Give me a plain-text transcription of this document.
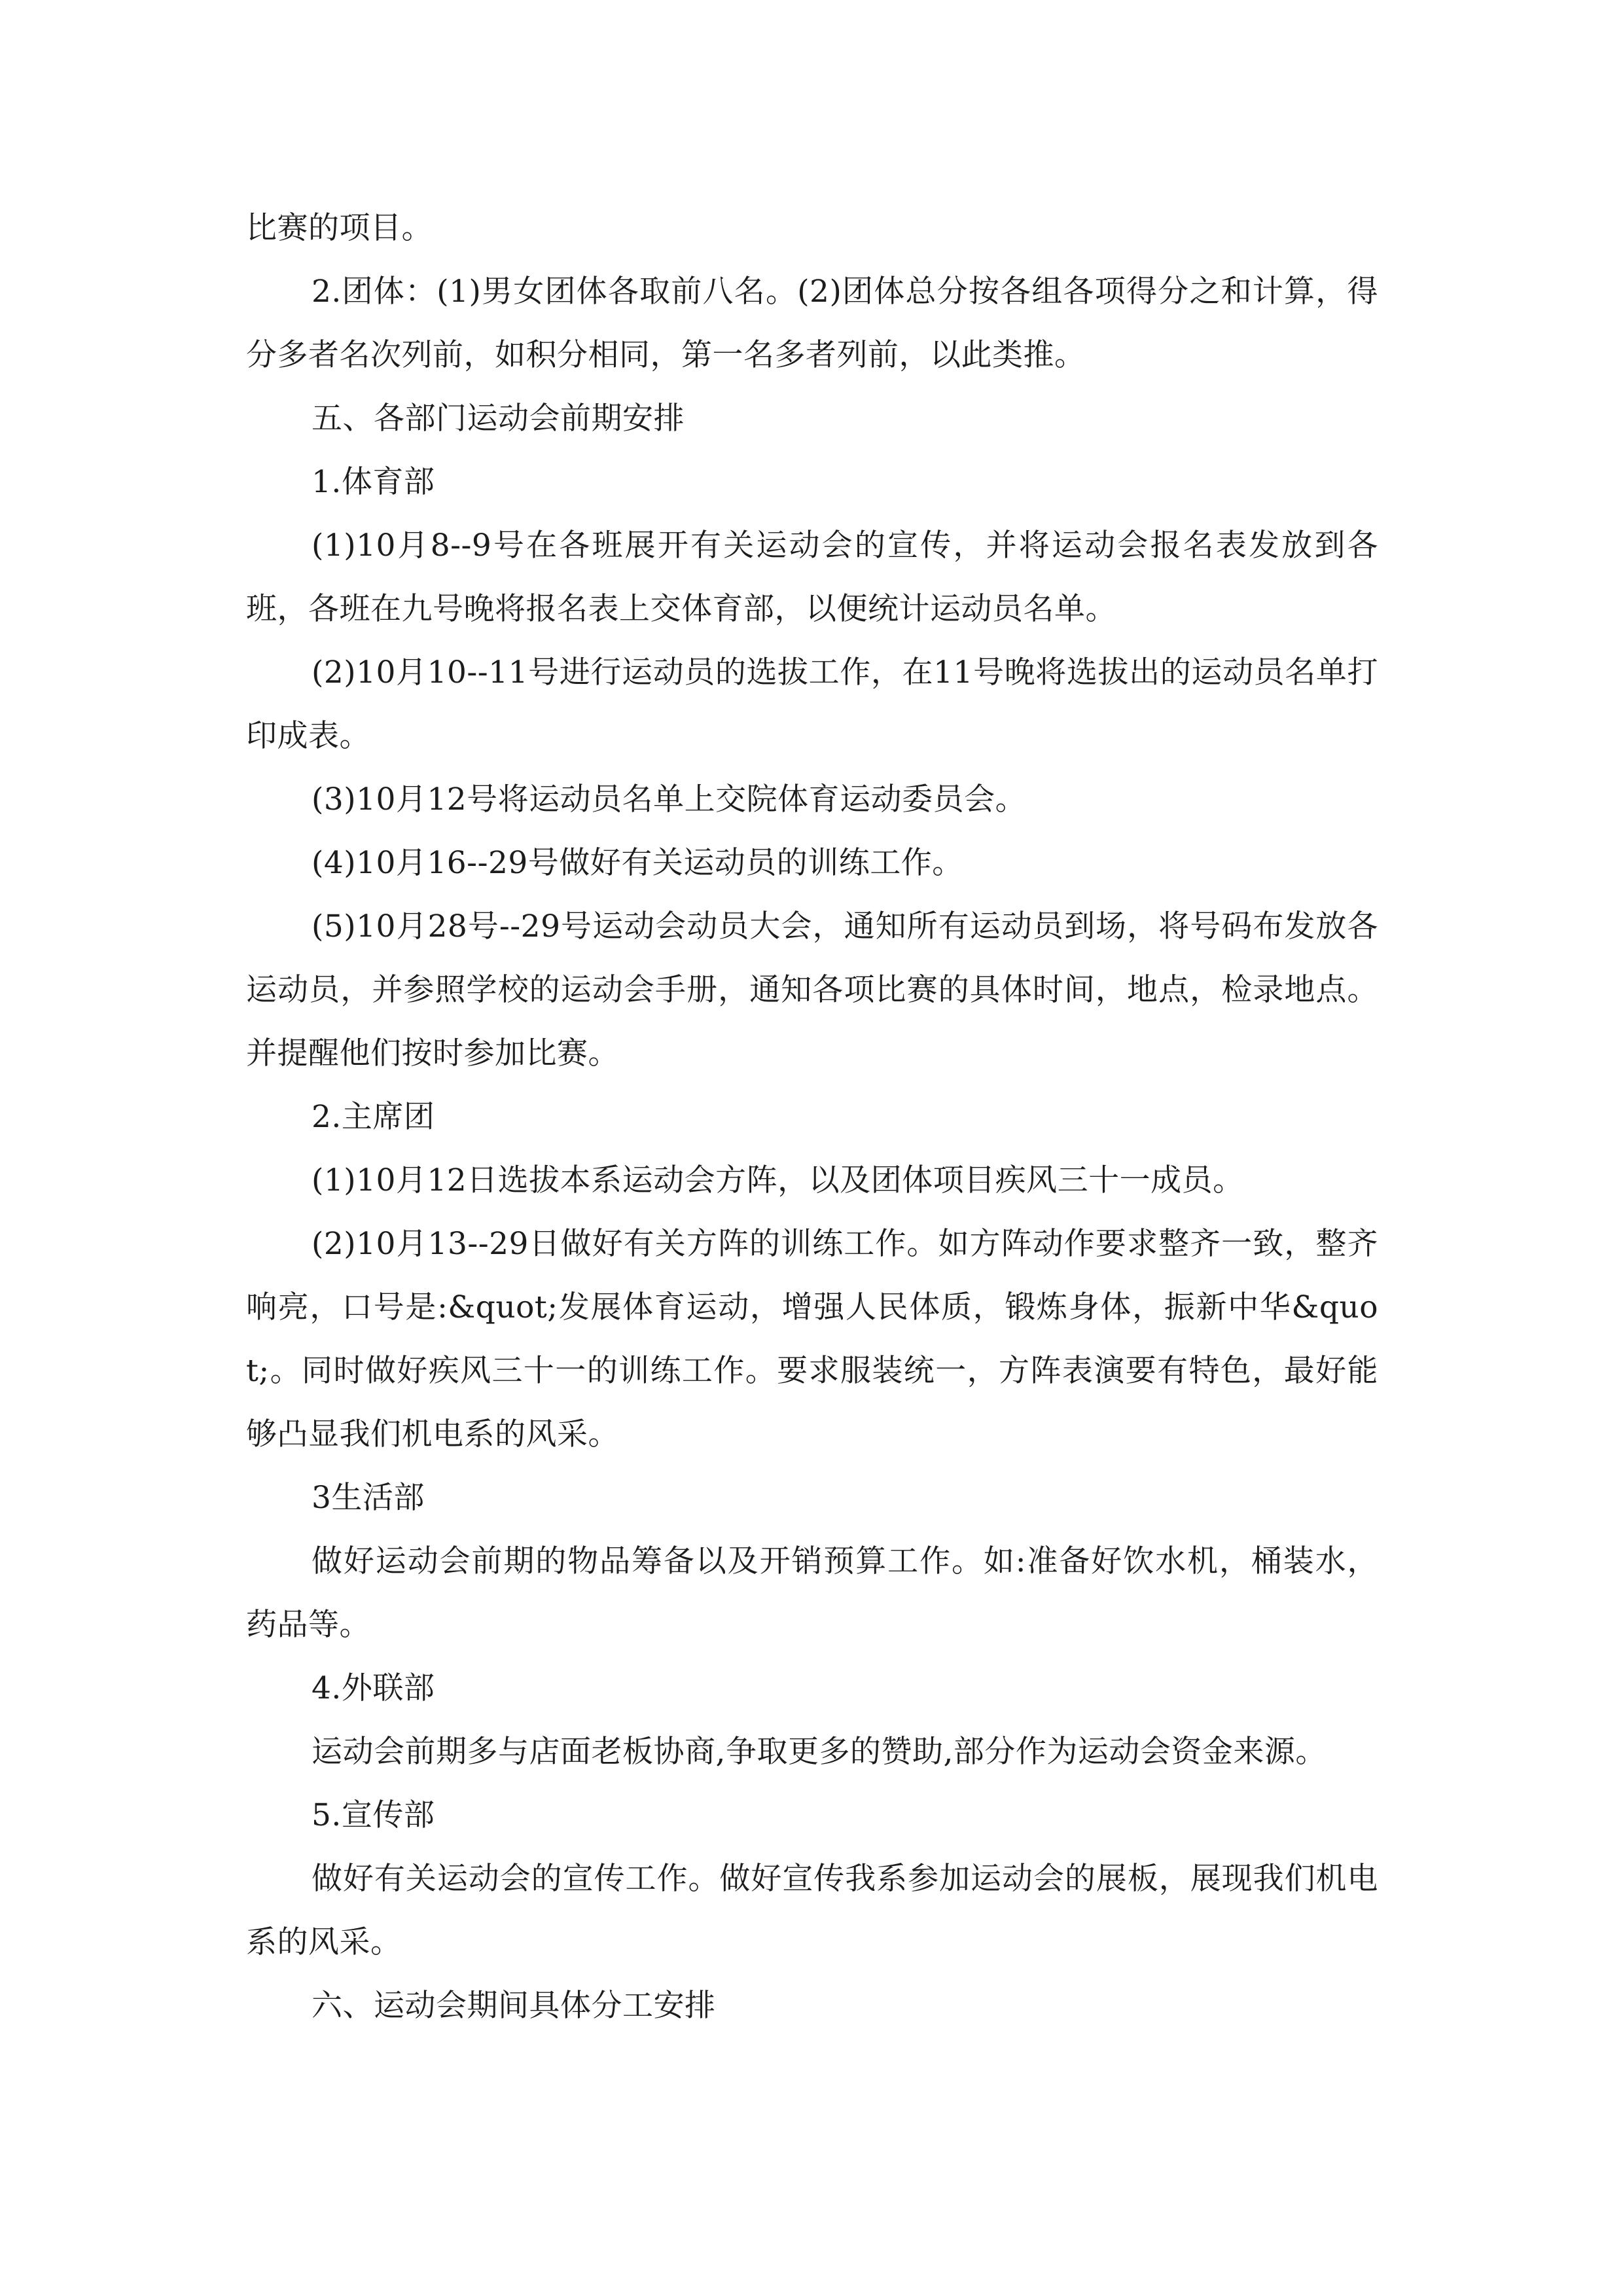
比赛的项目。

2.团体：(1)男女团体各取前八名。(2)团体总分按各组各项得分之和计算，得分多者名次列前，如积分相同，第一名多者列前，以此类推。

五、各部门运动会前期安排

1.体育部

(1)10月8--9号在各班展开有关运动会的宣传，并将运动会报名表发放到各班，各班在九号晚将报名表上交体育部，以便统计运动员名单。

(2)10月10--11号进行运动员的选拔工作，在11号晚将选拔出的运动员名单打印成表。

(3)10月12号将运动员名单上交院体育运动委员会。

(4)10月16--29号做好有关运动员的训练工作。

(5)10月28号--29号运动会动员大会，通知所有运动员到场，将号码布发放各运动员，并参照学校的运动会手册，通知各项比赛的具体时间，地点，检录地点。并提醒他们按时参加比赛。

2.主席团

(1)10月12日选拔本系运动会方阵，以及团体项目疾风三十一成员。

(2)10月13--29日做好有关方阵的训练工作。如方阵动作要求整齐一致，整齐响亮，口号是:&quot;发展体育运动，增强人民体质，锻炼身体，振新中华&quot;。同时做好疾风三十一的训练工作。要求服装统一，方阵表演要有特色，最好能够凸显我们机电系的风采。

3生活部

做好运动会前期的物品筹备以及开销预算工作。如:准备好饮水机，桶装水，药品等。

4.外联部

运动会前期多与店面老板协商,争取更多的赞助,部分作为运动会资金来源。

5.宣传部

做好有关运动会的宣传工作。做好宣传我系参加运动会的展板，展现我们机电系的风采。

六、运动会期间具体分工安排
